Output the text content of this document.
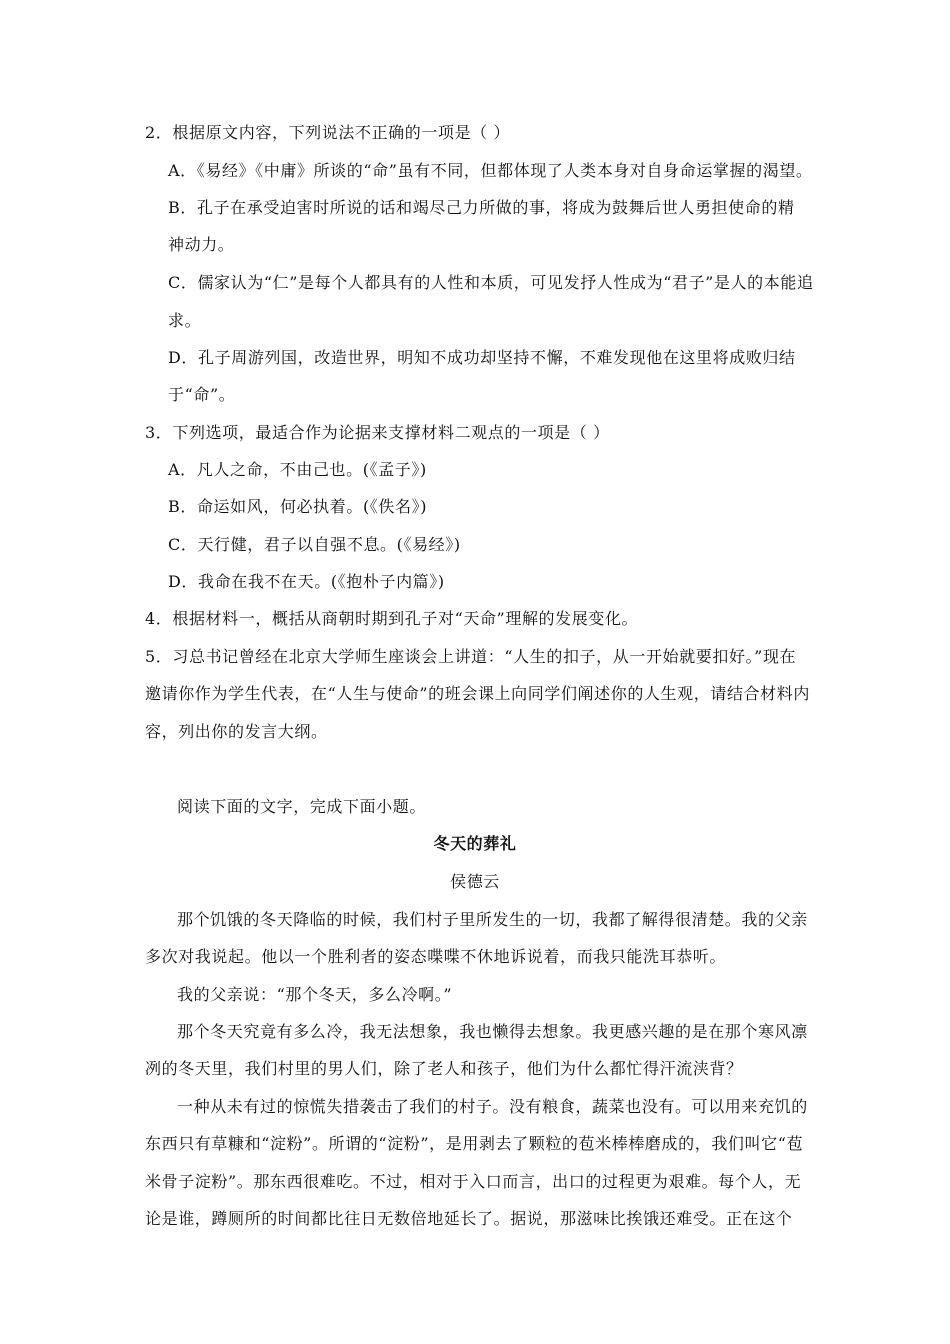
2．根据原文内容，下列说法不正确的一项是（ ）
A．《易经》《中庸》所谈的“命”虽有不同，但都体现了人类本身对自身命运掌握的渴望。
B．孔子在承受迫害时所说的话和竭尽己力所做的事，将成为鼓舞后世人勇担使命的精
神动力。
C．儒家认为“仁”是每个人都具有的人性和本质，可见发抒人性成为“君子”是人的本能追
求。
D．孔子周游列国，改造世界，明知不成功却坚持不懈，不难发现他在这里将成败归结
于“命”。
3．下列选项，最适合作为论据来支撑材料二观点的一项是（ ）
A．凡人之命，不由己也。(《孟子》)
B．命运如风，何必执着。(《佚名》)
C．天行健，君子以自强不息。(《易经》)
D．我命在我不在天。(《抱朴子内篇》)
4．根据材料一，概括从商朝时期到孔子对“天命”理解的发展变化。
5．习总书记曾经在北京大学师生座谈会上讲道：“人生的扣子，从一开始就要扣好。”现在
邀请你作为学生代表，在“人生与使命”的班会课上向同学们阐述你的人生观，请结合材料内
容，列出你的发言大纲。
阅读下面的文字，完成下面小题。
冬天的葬礼
侯德云
那个饥饿的冬天降临的时候，我们村子里所发生的一切，我都了解得很清楚。我的父亲
多次对我说起。他以一个胜利者的姿态喋喋不休地诉说着，而我只能洗耳恭听。
我的父亲说：“那个冬天，多么冷啊。”
那个冬天究竟有多么冷，我无法想象，我也懒得去想象。我更感兴趣的是在那个寒风凛
冽的冬天里，我们村里的男人们，除了老人和孩子，他们为什么都忙得汗流浃背？
一种从未有过的惊慌失措袭击了我们的村子。没有粮食，蔬菜也没有。可以用来充饥的
东西只有草糠和“淀粉”。所谓的“淀粉”，是用剥去了颗粒的苞米棒棒磨成的，我们叫它“苞
米骨子淀粉”。那东西很难吃。不过，相对于入口而言，出口的过程更为艰难。每个人，无
论是谁，蹲厕所的时间都比往日无数倍地延长了。据说，那滋味比挨饿还难受。正在这个
